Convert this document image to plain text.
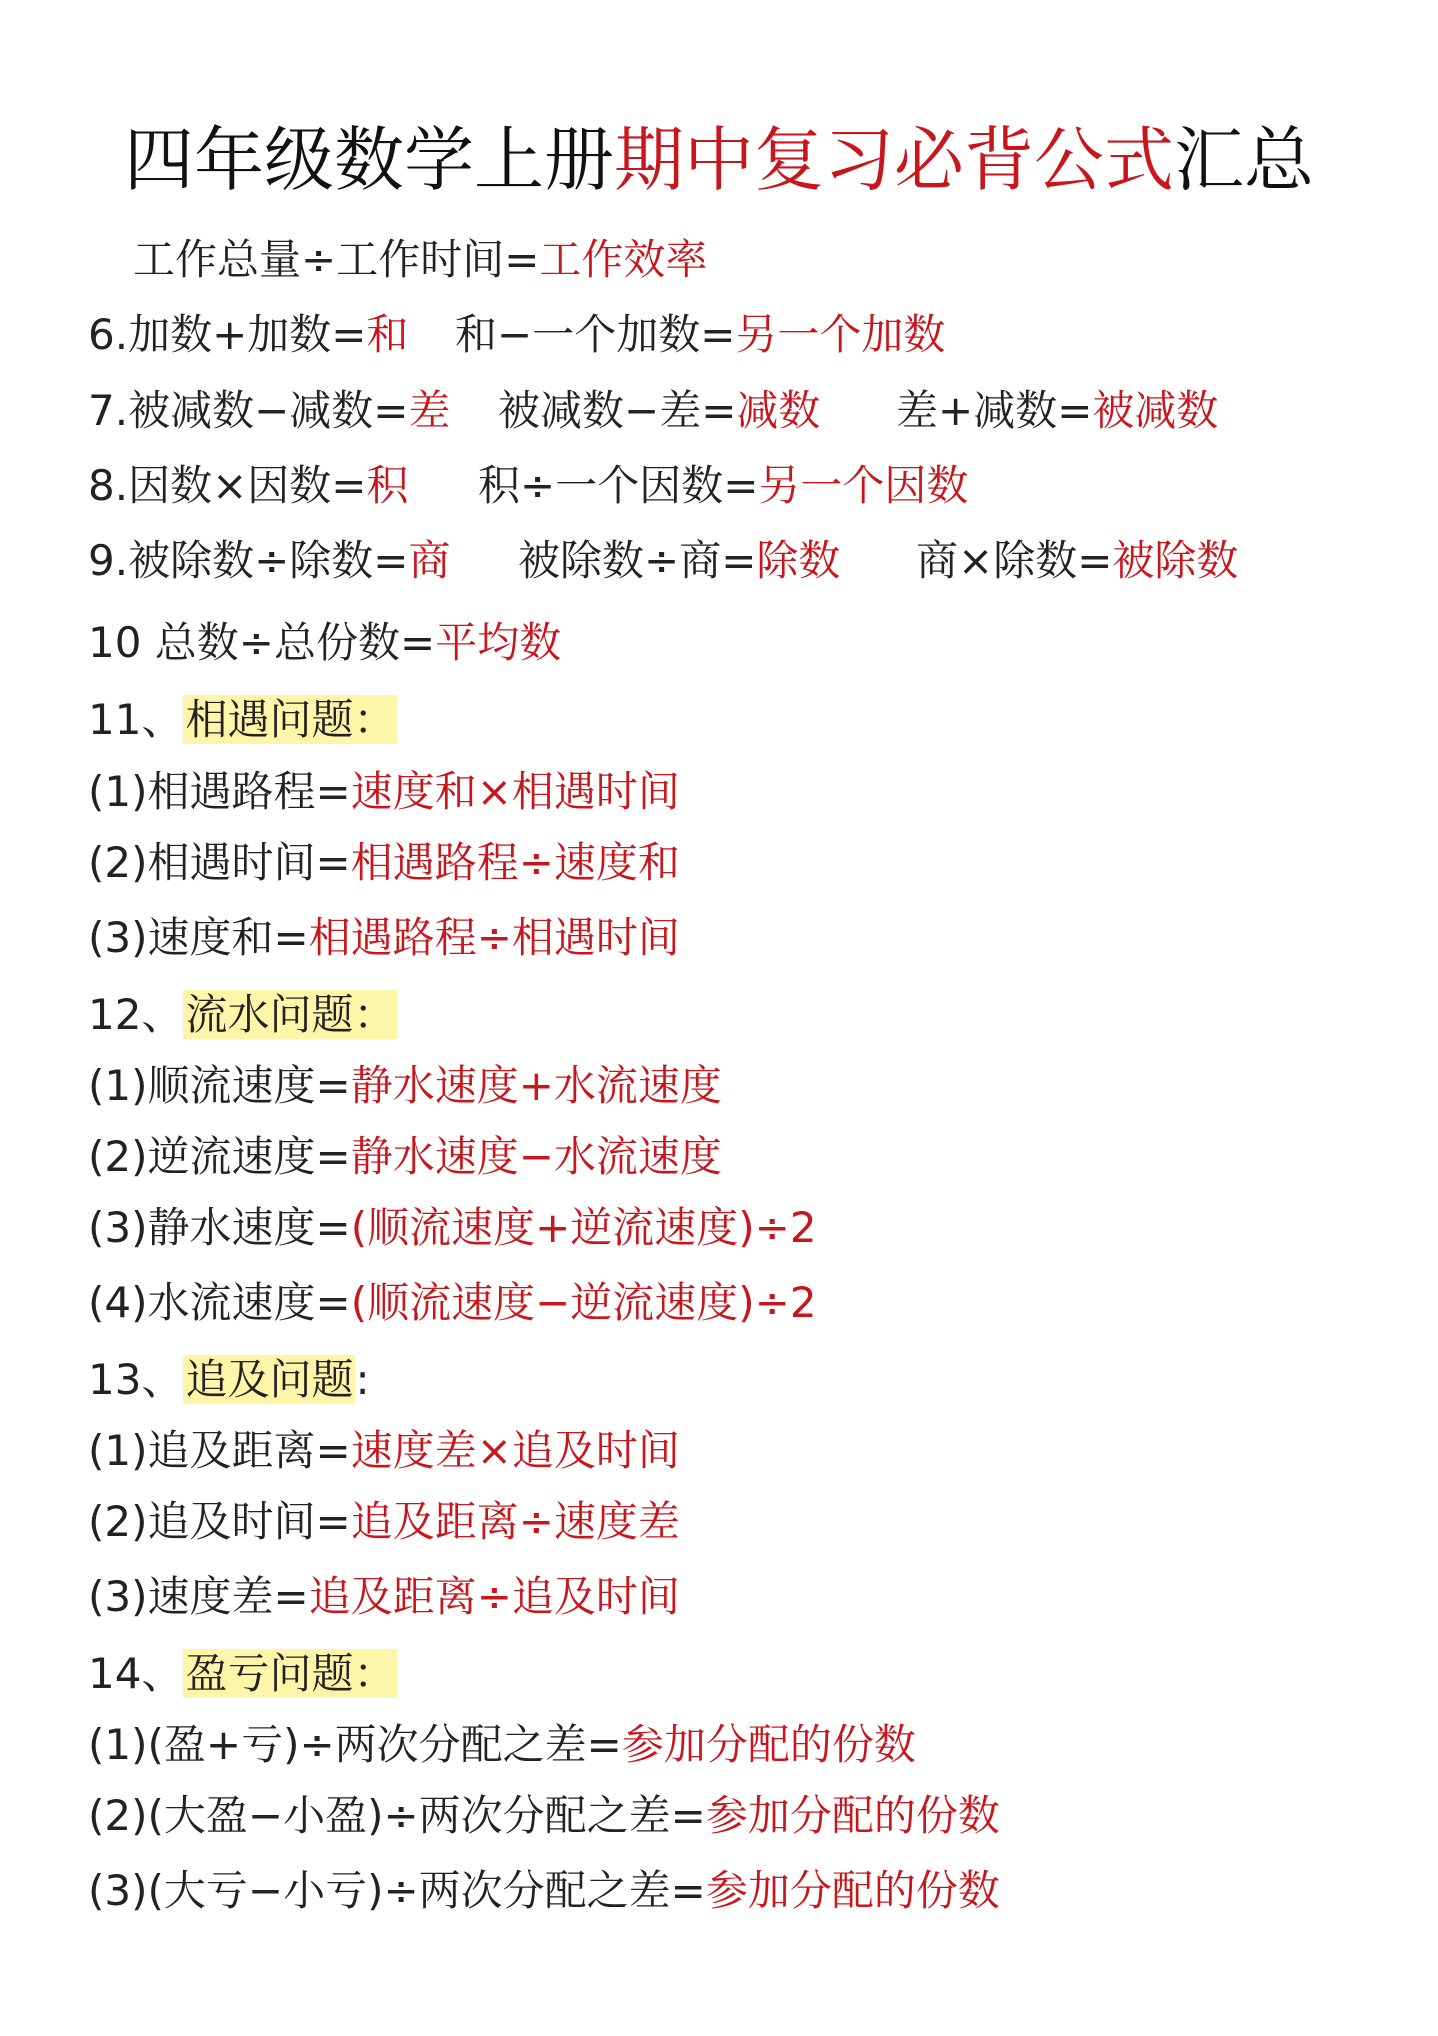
四年级数学上册期中复习必背公式汇总
工作总量÷工作时间=工作效率
6.加数+加数=和 和−一个加数=另一个加数
7.被减数−减数=差 被减数−差=减数 差+减数=被减数
8.因数×因数=积 积÷一个因数=另一个因数
9.被除数÷除数=商 被除数÷商=除数 商×除数=被除数
10 总数÷总份数=平均数
11、相遇问题：
(1)相遇路程=速度和×相遇时间
(2)相遇时间=相遇路程÷速度和
(3)速度和=相遇路程÷相遇时间
12、流水问题：
(1)顺流速度=静水速度+水流速度
(2)逆流速度=静水速度−水流速度
(3)静水速度=(顺流速度+逆流速度)÷2
(4)水流速度=(顺流速度−逆流速度)÷2
13、追及问题:
(1)追及距离=速度差×追及时间
(2)追及时间=追及距离÷速度差
(3)速度差=追及距离÷追及时间
14、盈亏问题：
(1)(盈+亏)÷两次分配之差=参加分配的份数
(2)(大盈−小盈)÷两次分配之差=参加分配的份数
(3)(大亏−小亏)÷两次分配之差=参加分配的份数
